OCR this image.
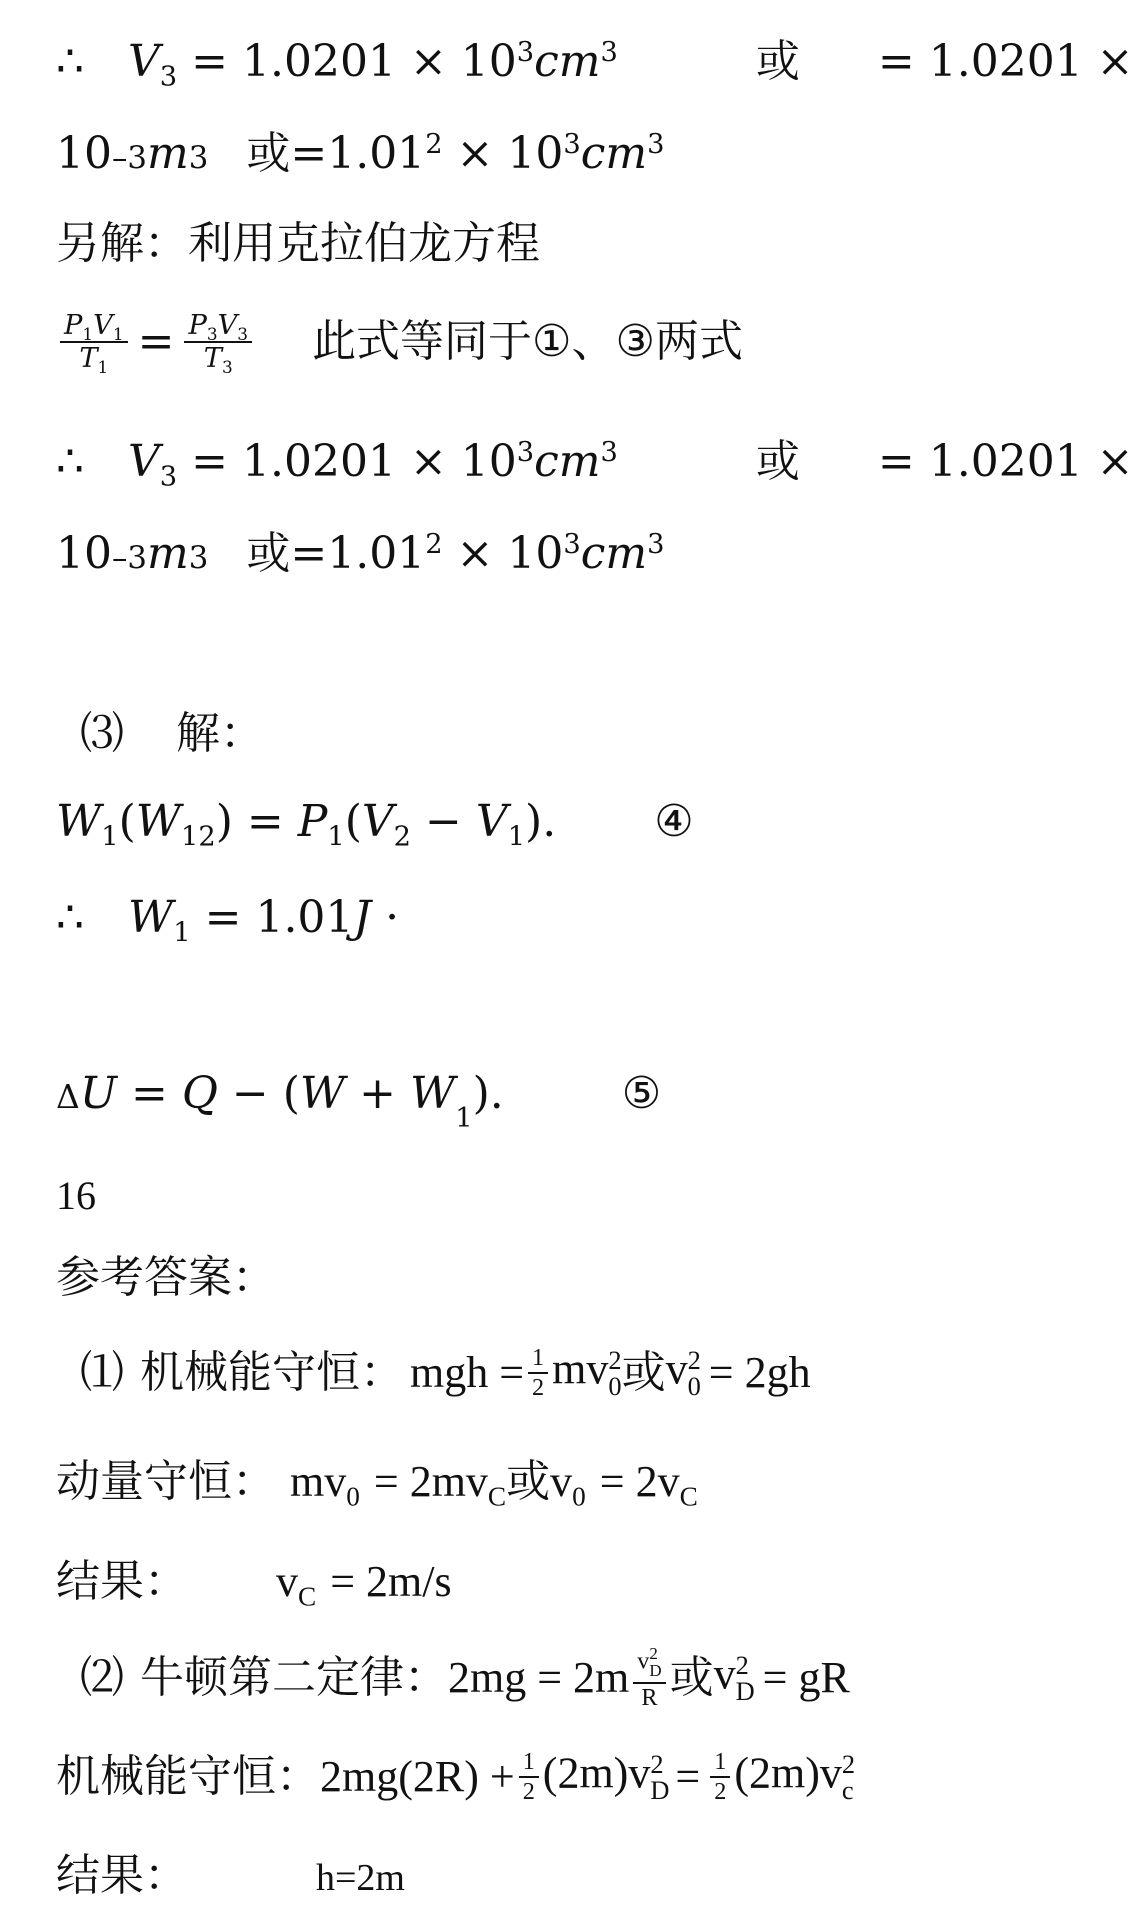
∴ $V_3 = 1.0201 \times 10^3cm^3$	或 = 1.0201 ×
10–3m3 或$=1.01^2 \times 10^3cm^3$
另解：利用克拉伯龙方程
$\frac{P_1V_1}{T_1} = \frac{P_3V_3}{T_3}$ 此式等同于①、③两式
∴ $V_3 = 1.0201 \times 10^3cm^3$	或 = 1.0201 ×
10–3m3 或$=1.01^2 \times 10^3cm^3$
⑶ 解：
$W_1(W_{12}) = P_1(V_2 - V_1)$. ④
∴ $W_1 = 1.01J$ ·
$\Delta U = Q - (W + W_1)$.	⑤
16
参考答案：
⑴ 机械能守恒： mgh = $\frac{1}{2}$ mv 2
0 或 v 2
0 = 2gh
动量守恒： $mv_0 = 2mv_C$或$v_0 = 2v_C$
结果： $v_C = 2m/s$
⑵ 牛顿第二定律： 2mg = 2m v 2
D
R 或 v 2
D = gR
机械能守恒： $2mg(2R) + \frac{1}{2} (2m)v$ 2
$D = \frac{1}{2} (2m)v$ 2
c
结果：	h=2m
